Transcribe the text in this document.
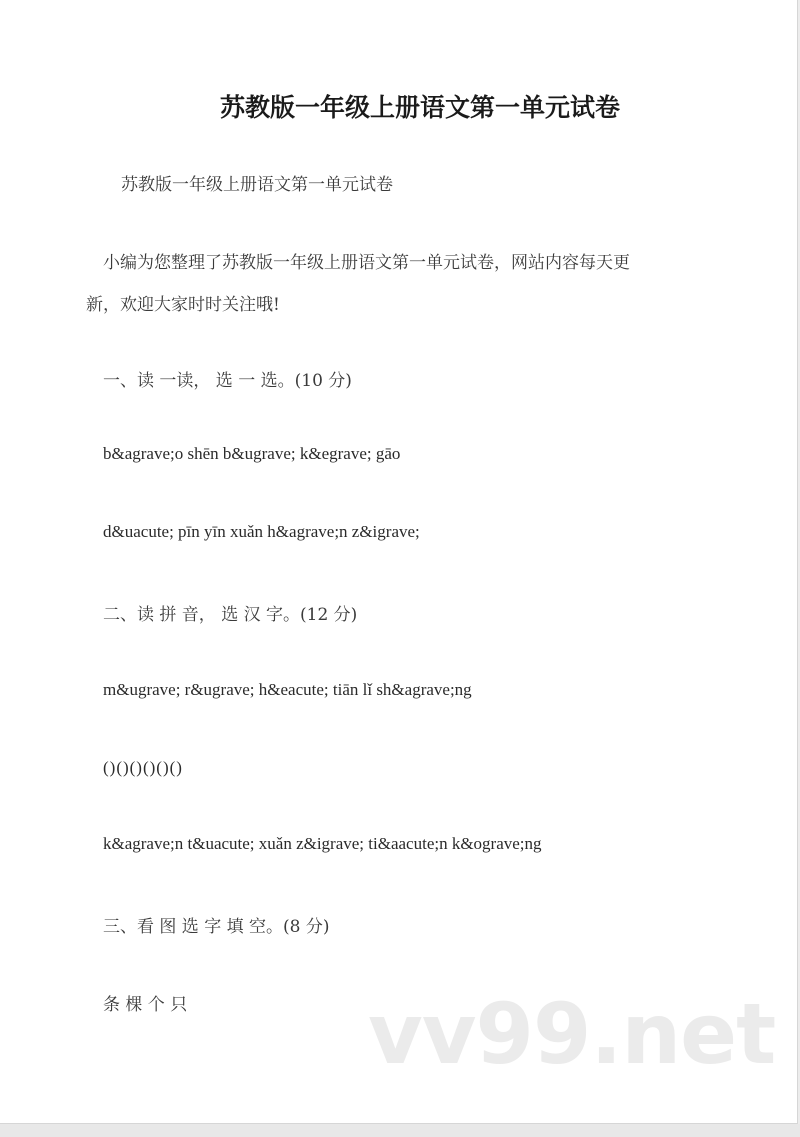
苏教版一年级上册语文第一单元试卷
苏教版一年级上册语文第一单元试卷
小编为您整理了苏教版一年级上册语文第一单元试卷，网站内容每天更
新，欢迎大家时时关注哦!
一、读 一读， 选 一 选。(10 分)
b&agrave;o shēn b&ugrave; k&egrave; gāo
d&uacute; pīn yīn xuǎn h&agrave;n z&igrave;
二、读 拼 音， 选 汉 字。(12 分)
m&ugrave; r&ugrave; h&eacute; tiān lǐ sh&agrave;ng
()()()()()()
k&agrave;n t&uacute; xuǎn z&igrave; ti&aacute;n k&ograve;ng
三、看 图 选 字 填 空。(8 分)
条 棵 个 只 vv99.net
